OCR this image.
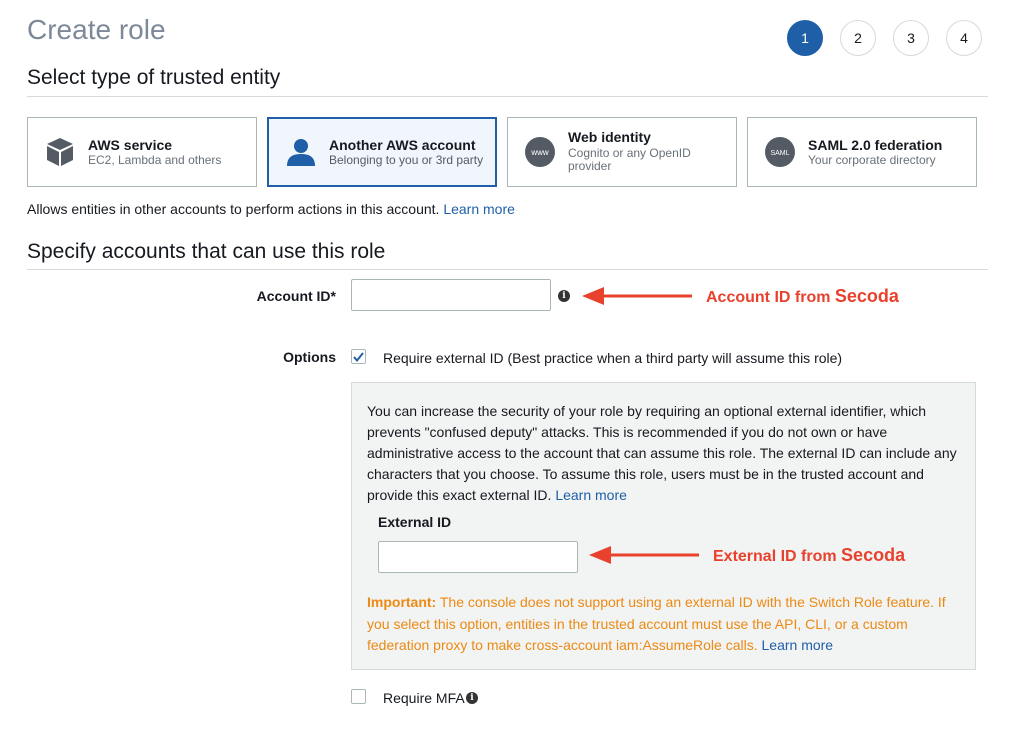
Create role	1	2	3	4
Select type of trusted entity
AWS service
EC2, Lambda and others
Another AWS account
Belonging to you or 3rd party
www
Web identity
Cognito or any OpenID provider
SAML
SAML 2.0 federation
Your corporate directory
Allows entities in other accounts to perform actions in this account. Learn more
Specify accounts that can use this role
Account ID*	i	Account ID from Secoda
Options	Require external ID (Best practice when a third party will assume this role)
You can increase the security of your role by requiring an optional external identifier, which prevents "confused deputy" attacks. This is recommended if you do not own or have administrative access to the account that can assume this role. The external ID can include any characters that you choose. To assume this role, users must be in the trusted account and provide this exact external ID. Learn more
External ID
Important: The console does not support using an external ID with the Switch Role feature. If you select this option, entities in the trusted account must use the API, CLI, or a custom federation proxy to make cross-account iam:AssumeRole calls. Learn more
External ID from Secoda
Require MFA i
